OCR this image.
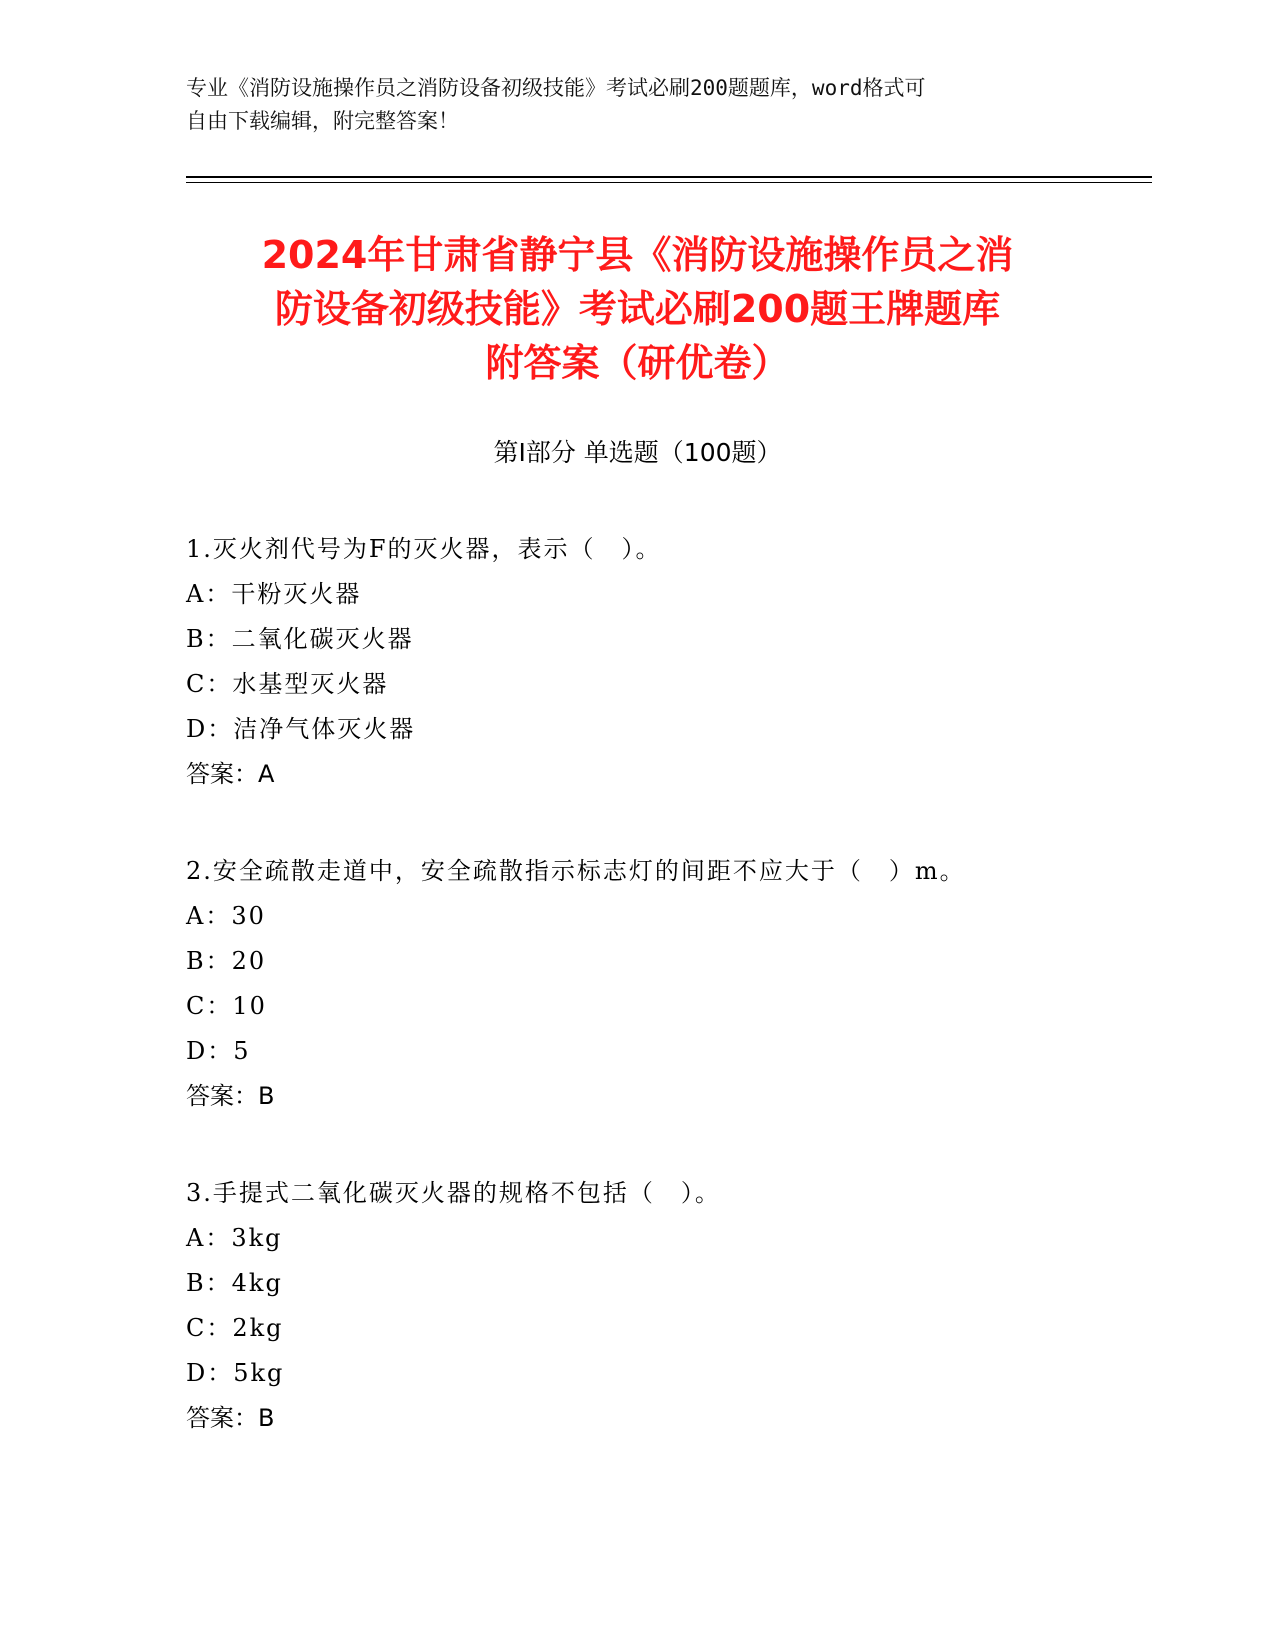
专业《消防设施操作员之消防设备初级技能》考试必刷200题题库，word格式可
自由下载编辑，附完整答案！
2024年甘肃省静宁县《消防设施操作员之消
防设备初级技能》考试必刷200题王牌题库
附答案（研优卷）
第Ⅰ部分 单选题（100题）
1.灭火剂代号为F的灭火器，表示（　）。
A：干粉灭火器
B：二氧化碳灭火器
C：水基型灭火器
D：洁净气体灭火器
答案：A
2.安全疏散走道中，安全疏散指示标志灯的间距不应大于（　）m。
A：30
B：20
C：10
D：5
答案：B
3.手提式二氧化碳灭火器的规格不包括（　）。
A：3kg
B：4kg
C：2kg
D：5kg
答案：B
